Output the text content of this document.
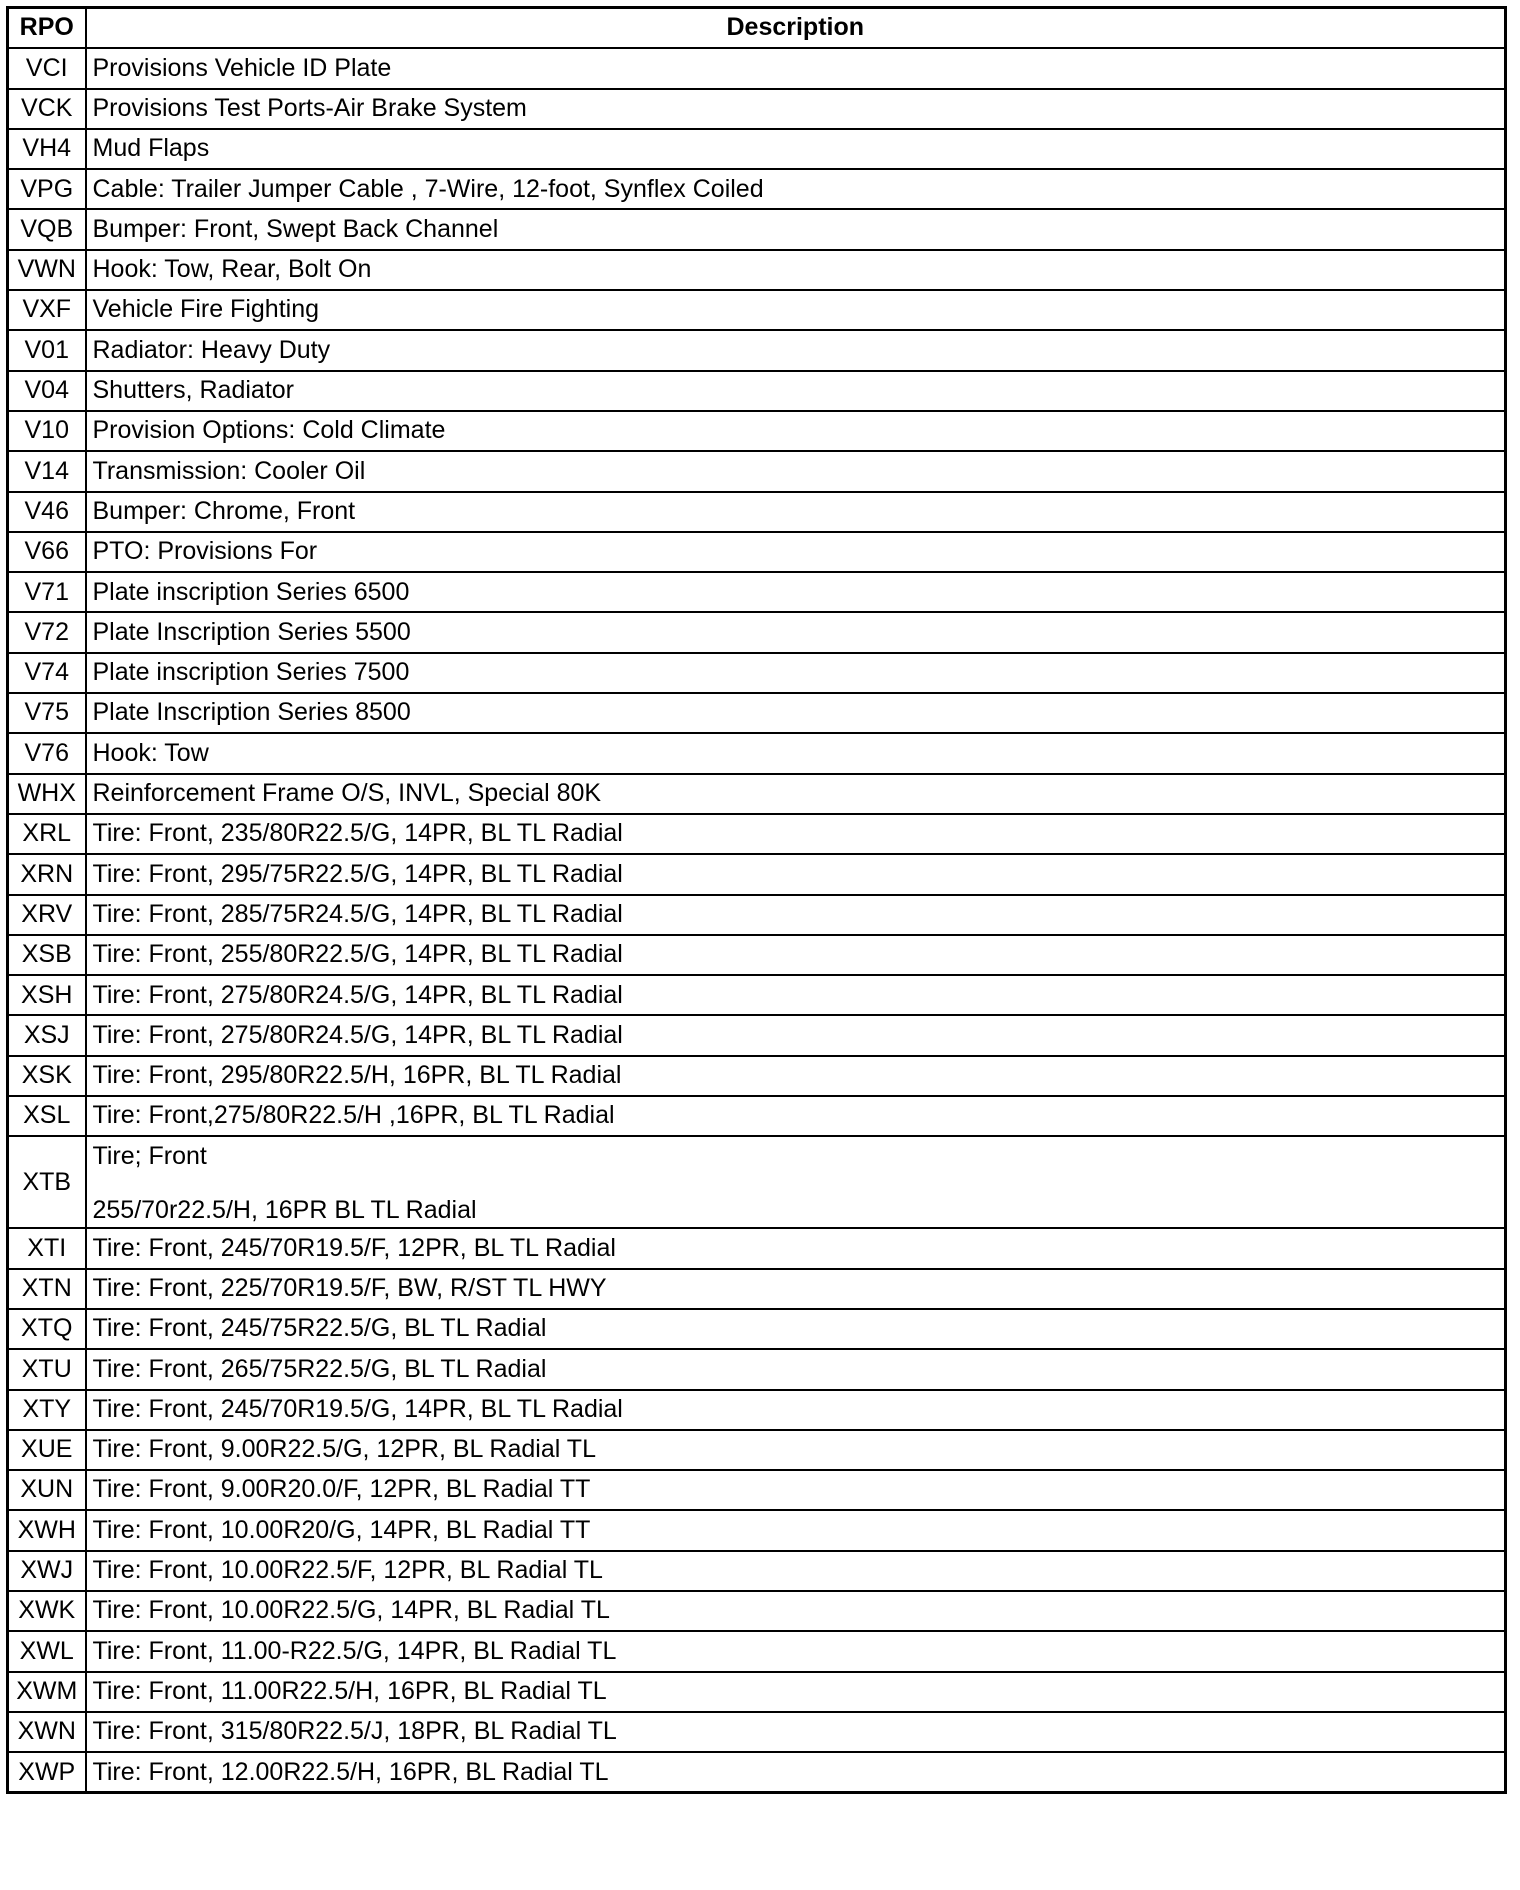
RPO	Description
VCI	Provisions Vehicle ID Plate
VCK	Provisions Test Ports-Air Brake System
VH4	Mud Flaps
VPG	Cable: Trailer Jumper Cable , 7-Wire, 12-foot, Synflex Coiled
VQB	Bumper: Front, Swept Back Channel
VWN	Hook: Tow, Rear, Bolt On
VXF	Vehicle Fire Fighting
V01	Radiator: Heavy Duty
V04	Shutters, Radiator
V10	Provision Options: Cold Climate
V14	Transmission: Cooler Oil
V46	Bumper: Chrome, Front
V66	PTO: Provisions For
V71	Plate inscription Series 6500
V72	Plate Inscription Series 5500
V74	Plate inscription Series 7500
V75	Plate Inscription Series 8500
V76	Hook: Tow
WHX	Reinforcement Frame O/S, INVL, Special 80K
XRL	Tire: Front, 235/80R22.5/G, 14PR, BL TL Radial
XRN	Tire: Front, 295/75R22.5/G, 14PR, BL TL Radial
XRV	Tire: Front, 285/75R24.5/G, 14PR, BL TL Radial
XSB	Tire: Front, 255/80R22.5/G, 14PR, BL TL Radial
XSH	Tire: Front, 275/80R24.5/G, 14PR, BL TL Radial
XSJ	Tire: Front, 275/80R24.5/G, 14PR, BL TL Radial
XSK	Tire: Front, 295/80R22.5/H, 16PR, BL TL Radial
XSL	Tire: Front,275/80R22.5/H ,16PR, BL TL Radial
XTB	Tire; Front
255/70r22.5/H, 16PR BL TL Radial

XTI	Tire: Front, 245/70R19.5/F, 12PR, BL TL Radial
XTN	Tire: Front, 225/70R19.5/F, BW, R/ST TL HWY
XTQ	Tire: Front, 245/75R22.5/G, BL TL Radial
XTU	Tire: Front, 265/75R22.5/G, BL TL Radial
XTY	Tire: Front, 245/70R19.5/G, 14PR, BL TL Radial
XUE	Tire: Front, 9.00R22.5/G, 12PR, BL Radial TL
XUN	Tire: Front, 9.00R20.0/F, 12PR, BL Radial TT
XWH	Tire: Front, 10.00R20/G, 14PR, BL Radial TT
XWJ	Tire: Front, 10.00R22.5/F, 12PR, BL Radial TL
XWK	Tire: Front, 10.00R22.5/G, 14PR, BL Radial TL
XWL	Tire: Front, 11.00-R22.5/G, 14PR, BL Radial TL
XWM	Tire: Front, 11.00R22.5/H, 16PR, BL Radial TL
XWN	Tire: Front, 315/80R22.5/J, 18PR, BL Radial TL
XWP	Tire: Front, 12.00R22.5/H, 16PR, BL Radial TL
